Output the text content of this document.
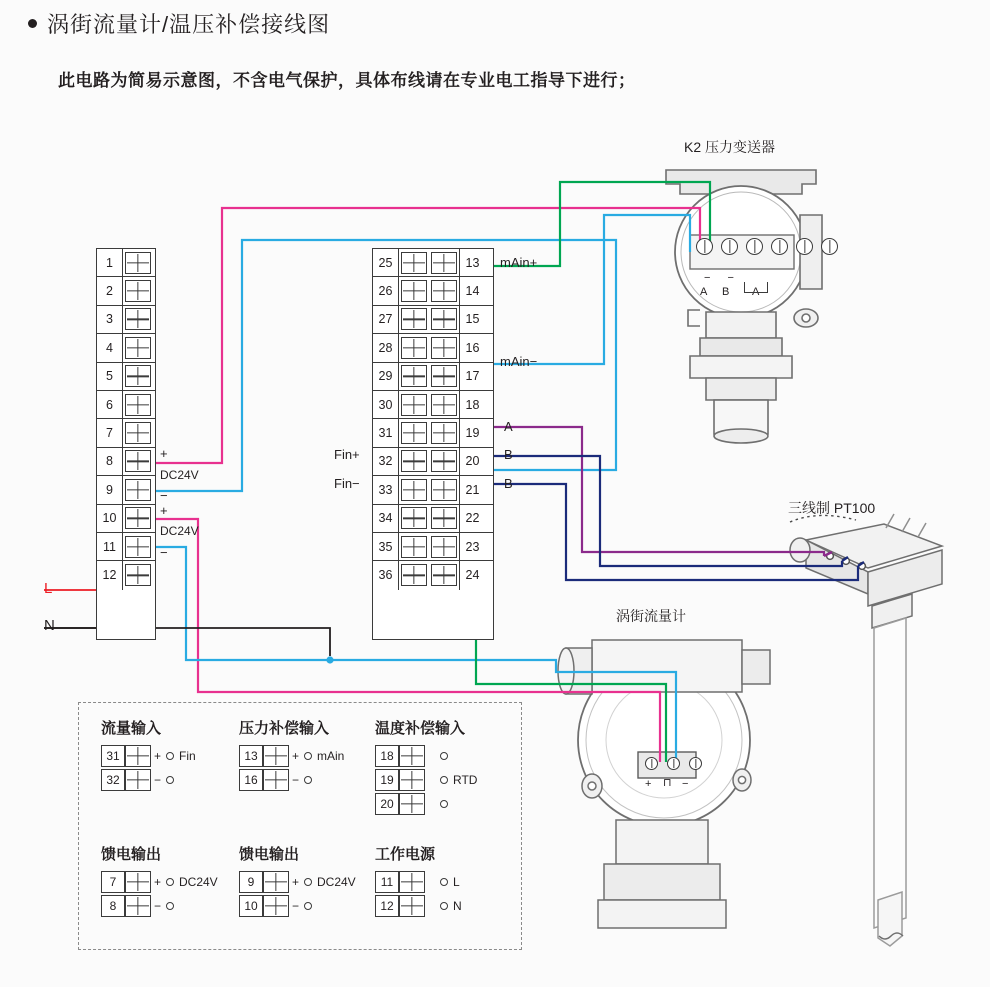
涡街流量计/温压补偿接线图
此电路为简易示意图，不含电气保护，具体布线请在专业电工指导下进行；
K2 压力变送器
三线制 PT100
涡街流量计
− −
A B A
+ ⊓ −
1
2
3
4
5
6
7
8
9
10
11
12
25	13
26	14
27	15
28	16
29	17
30	18
31	19
32	20
33	21
34	22
35	23
36	24
mAin+
mAin−
A
B
B
Fin+
Fin−
+
DC24V
−
+
DC24V
−
L
N
流量输入
31	+ Fin
32	−
压力补偿输入
13	+ mAin
16	−
温度补偿输入
18
19	RTD
20
馈电输出
7	+ DC24V
8	−
馈电输出
9	+ DC24V
10	−
工作电源
11	L
12	N
